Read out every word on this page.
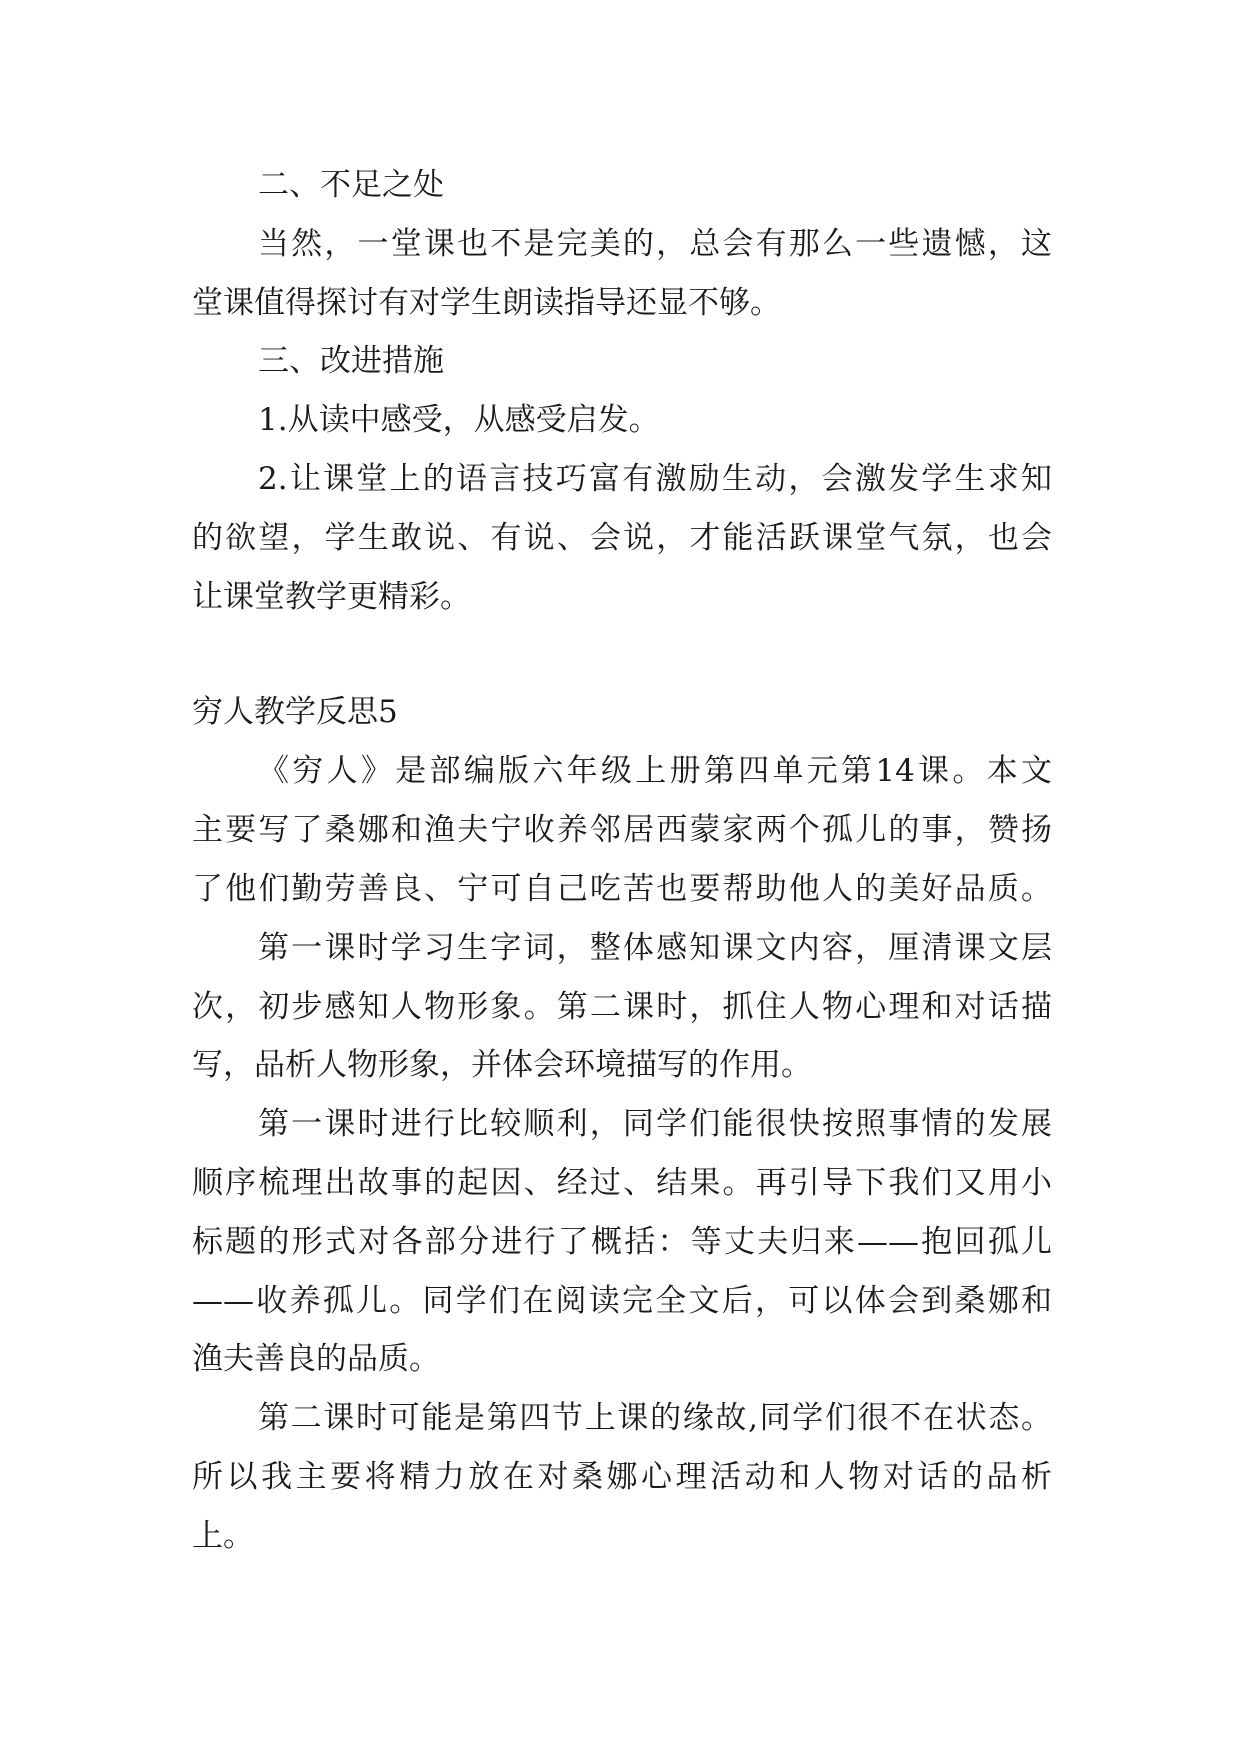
二、不足之处

当然，一堂课也不是完美的，总会有那么一些遗憾，这

堂课值得探讨有对学生朗读指导还显不够。

三、改进措施

1.从读中感受，从感受启发。

2.让课堂上的语言技巧富有激励生动，会激发学生求知

的欲望，学生敢说、有说、会说，才能活跃课堂气氛，也会

让课堂教学更精彩。

穷人教学反思5

《穷人》是部编版六年级上册第四单元第14课。本文

主要写了桑娜和渔夫宁收养邻居西蒙家两个孤儿的事，赞扬

了他们勤劳善良、宁可自己吃苦也要帮助他人的美好品质。

第一课时学习生字词，整体感知课文内容，厘清课文层

次，初步感知人物形象。第二课时，抓住人物心理和对话描

写，品析人物形象，并体会环境描写的作用。

第一课时进行比较顺利，同学们能很快按照事情的发展

顺序梳理出故事的起因、经过、结果。再引导下我们又用小

标题的形式对各部分进行了概括：等丈夫归来——抱回孤儿

——收养孤儿。同学们在阅读完全文后，可以体会到桑娜和

渔夫善良的品质。

第二课时可能是第四节上课的缘故,同学们很不在状态。

所以我主要将精力放在对桑娜心理活动和人物对话的品析

上。
